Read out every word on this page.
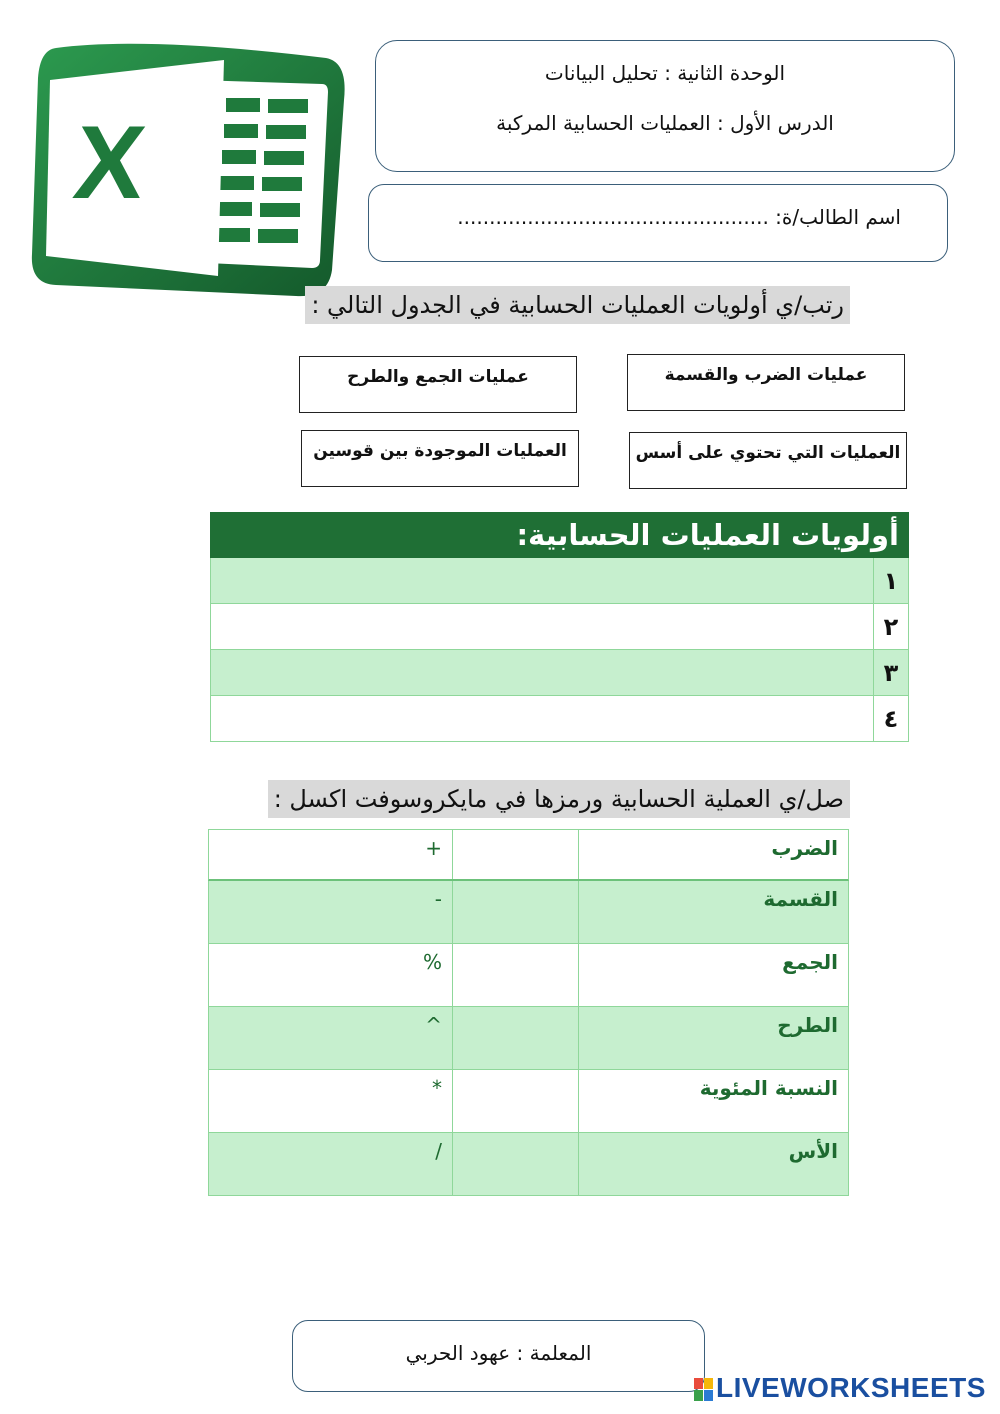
X
الوحدة الثانية : تحليل البيانات
الدرس الأول : العمليات الحسابية المركبة
اسم الطالب/ة: .................................................
رتب/ي أولويات العمليات الحسابية في الجدول التالي :
عمليات الضرب والقسمة
عمليات الجمع والطرح
العمليات التي تحتوي على أسس
العمليات الموجودة بين قوسين
أولويات العمليات الحسابية:
١
٢
٣
٤
صل/ي العملية الحسابية ورمزها في مايكروسوفت اكسل :
الضرب
+
القسمة
-
الجمع
%
الطرح
^
النسبة المئوية
*
الأس
/
المعلمة : عهود الحربي
LIVEWORKSHEETS
